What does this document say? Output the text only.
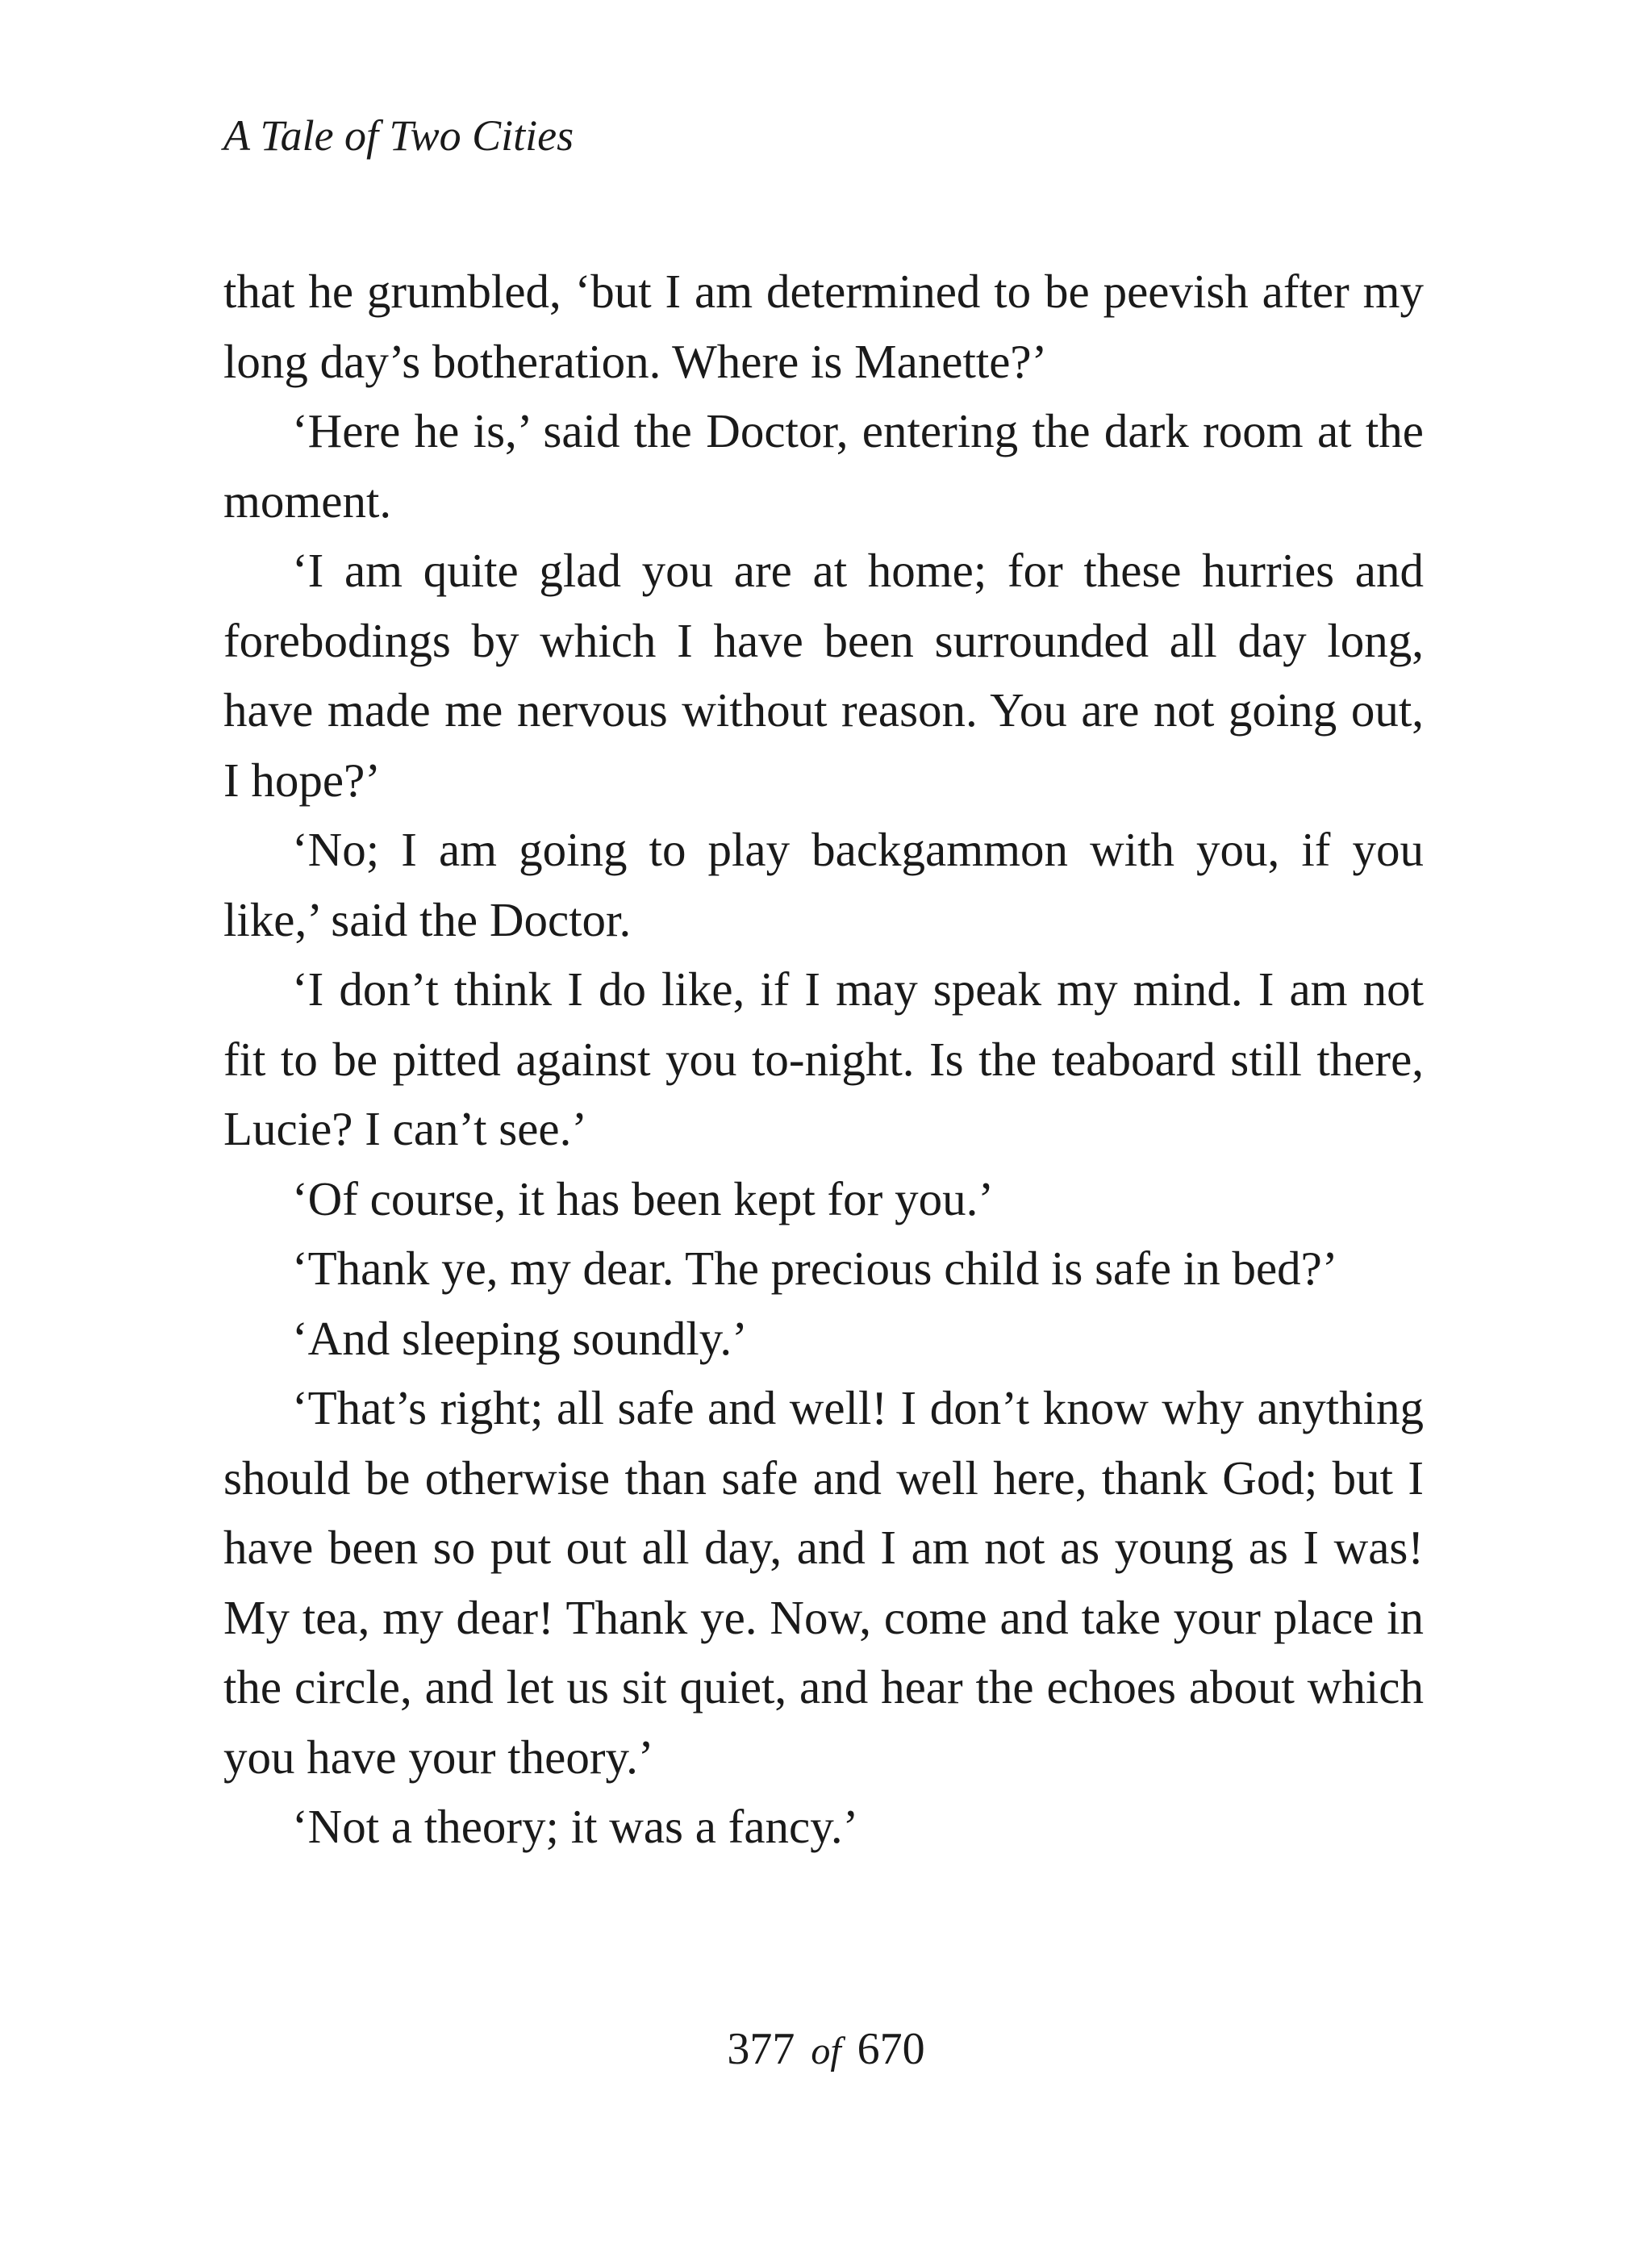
A Tale of Two Cities

that he grumbled, ‘but I am determined to be peevish after my long day’s botheration. Where is Manette?’

‘Here he is,’ said the Doctor, entering the dark room at the moment.

‘I am quite glad you are at home; for these hurries and forebodings by which I have been surrounded all day long, have made me nervous without reason. You are not going out, I hope?’

‘No; I am going to play backgammon with you, if you like,’ said the Doctor.

‘I don’t think I do like, if I may speak my mind. I am not fit to be pitted against you to-night. Is the teaboard still there, Lucie? I can’t see.’

‘Of course, it has been kept for you.’

‘Thank ye, my dear. The precious child is safe in bed?’

‘And sleeping soundly.’

‘That’s right; all safe and well! I don’t know why anything should be otherwise than safe and well here, thank God; but I have been so put out all day, and I am not as young as I was! My tea, my dear! Thank ye. Now, come and take your place in the circle, and let us sit quiet, and hear the echoes about which you have your theory.’

‘Not a theory; it was a fancy.’

377 of 670
